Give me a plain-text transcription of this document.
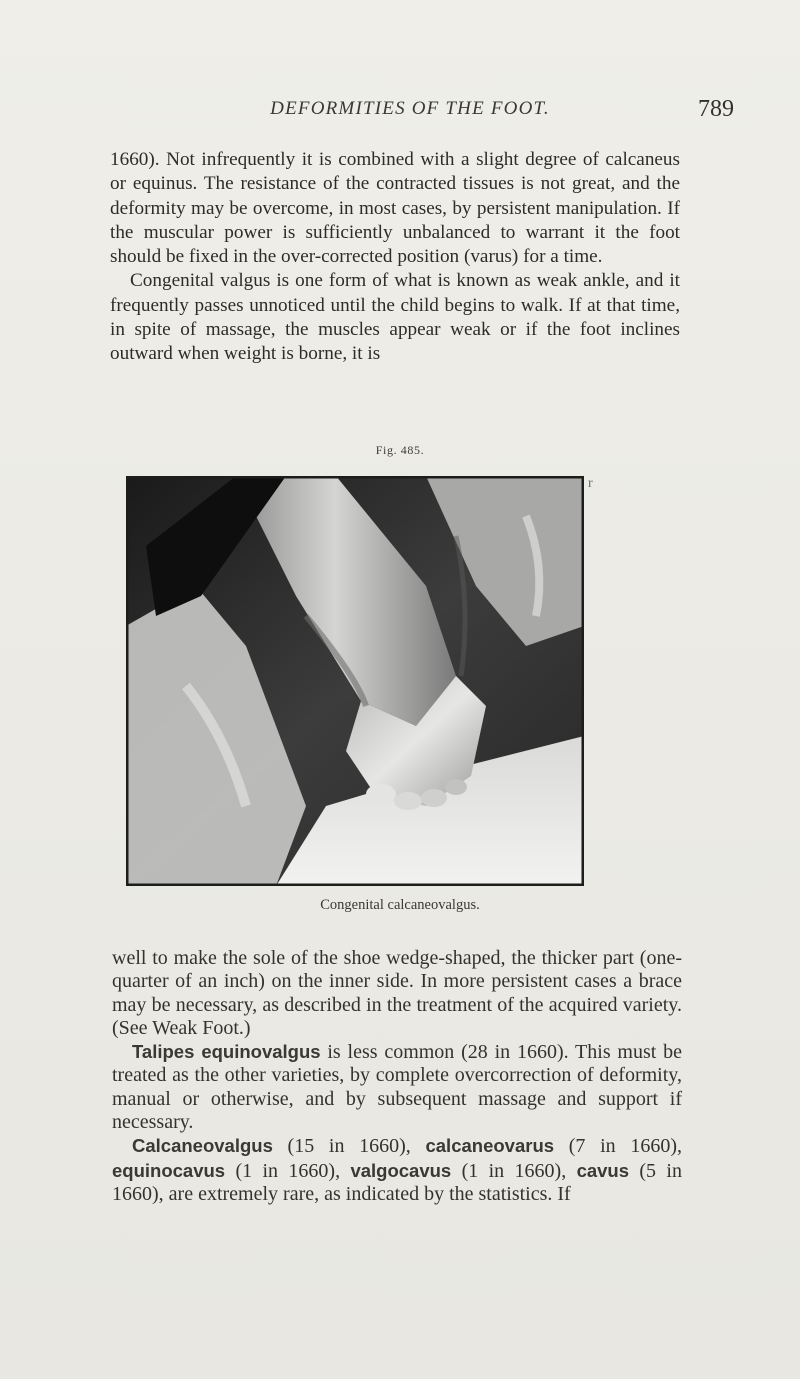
DEFORMITIES OF THE FOOT.	789

1660). Not infrequently it is combined with a slight degree of calcaneus or equinus. The resistance of the contracted tissues is not great, and the deformity may be overcome, in most cases, by persistent manipulation. If the muscular power is sufficiently unbalanced to warrant it the foot should be fixed in the over-corrected position (varus) for a time.

Congenital valgus is one form of what is known as weak ankle, and it frequently passes unnoticed until the child begins to walk. If at that time, in spite of massage, the muscles appear weak or if the foot inclines outward when weight is borne, it is

Fig. 485.
r
Congenital calcaneovalgus.

well to make the sole of the shoe wedge-shaped, the thicker part (one-quarter of an inch) on the inner side. In more persistent cases a brace may be necessary, as described in the treatment of the acquired variety. (See Weak Foot.)

Talipes equinovalgus is less common (28 in 1660). This must be treated as the other varieties, by complete overcorrection of deformity, manual or otherwise, and by subsequent massage and support if necessary.

Calcaneovalgus (15 in 1660), calcaneovarus (7 in 1660), equinocavus (1 in 1660), valgocavus (1 in 1660), cavus (5 in 1660), are extremely rare, as indicated by the statistics. If
